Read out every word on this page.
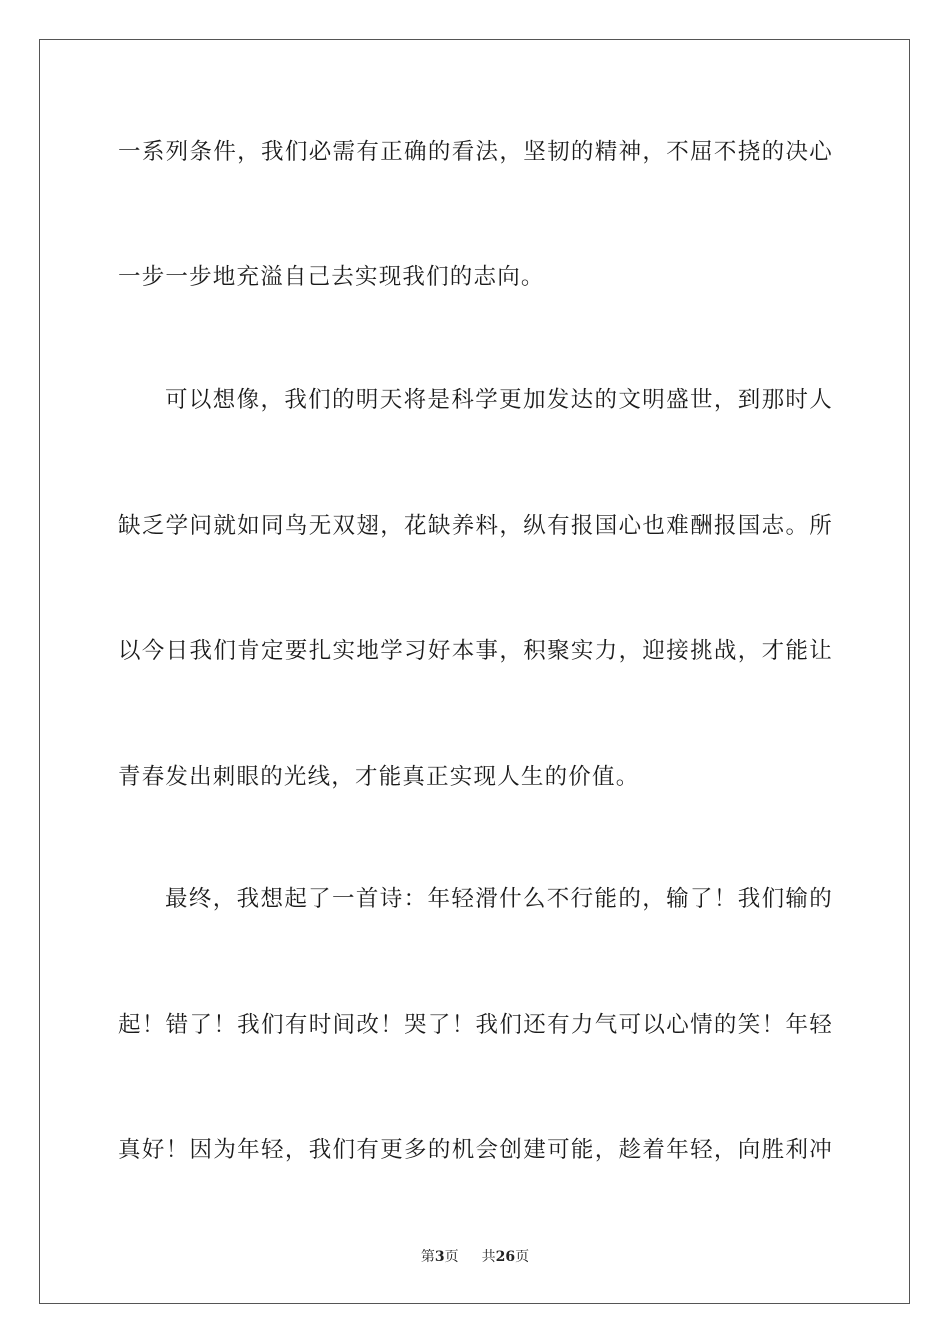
一系列条件，我们必需有正确的看法，坚韧的精神，不屈不挠的决心
一步一步地充溢自己去实现我们的志向。
可以想像，我们的明天将是科学更加发达的文明盛世，到那时人
缺乏学问就如同鸟无双翅，花缺养料，纵有报国心也难酬报国志。所
以今日我们肯定要扎实地学习好本事，积聚实力，迎接挑战，才能让
青春发出刺眼的光线，才能真正实现人生的价值。
最终，我想起了一首诗：年轻滑什么不行能的，输了！我们输的
起！错了！我们有时间改！哭了！我们还有力气可以心情的笑！年轻
真好！因为年轻，我们有更多的机会创建可能，趁着年轻，向胜利冲
第3页 共26页
